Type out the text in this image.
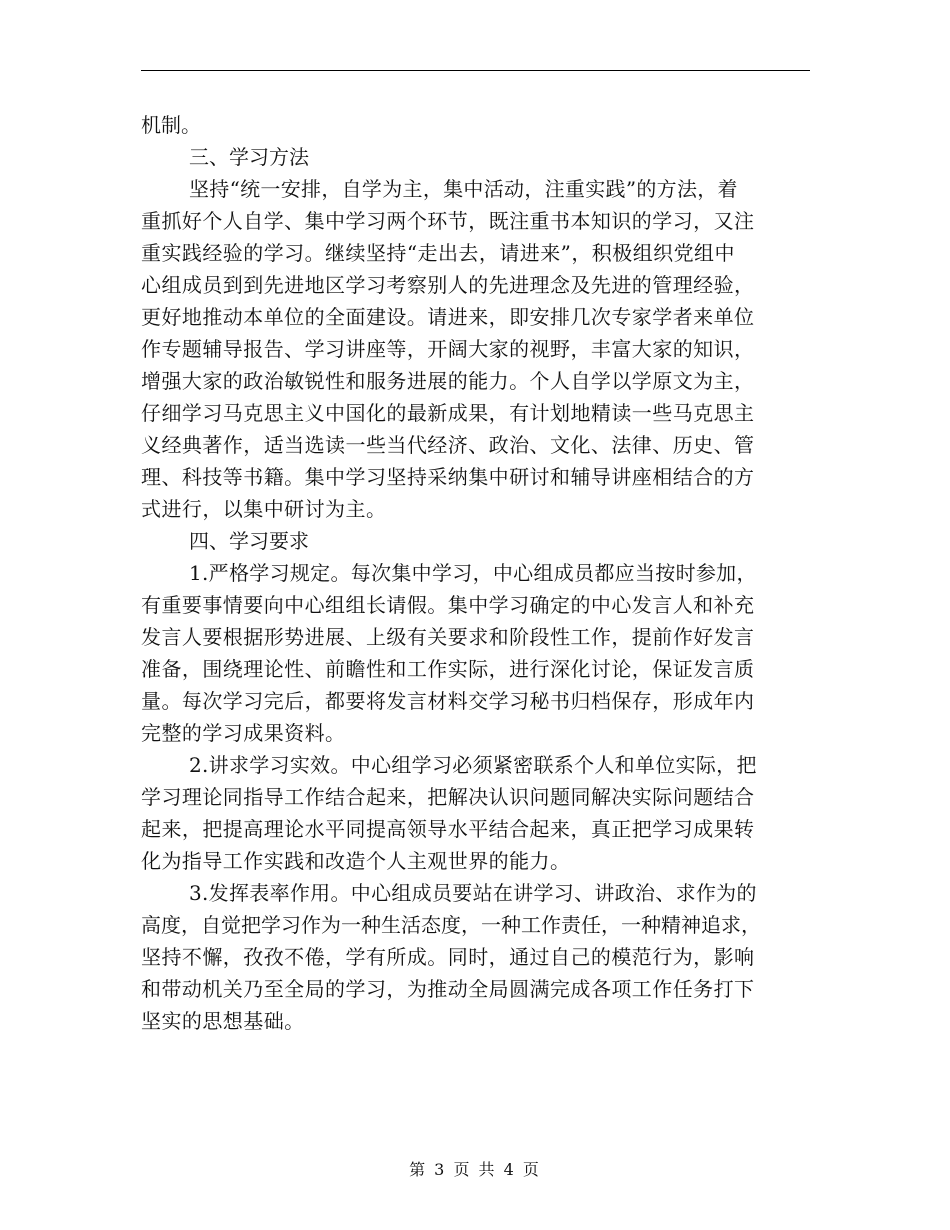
机制。
三、学习方法
坚持“统一安排，自学为主，集中活动，注重实践”的方法，着
重抓好个人自学、集中学习两个环节，既注重书本知识的学习，又注
重实践经验的学习。继续坚持“走出去，请进来”，积极组织党组中
心组成员到到先进地区学习考察别人的先进理念及先进的管理经验，
更好地推动本单位的全面建设。请进来，即安排几次专家学者来单位
作专题辅导报告、学习讲座等，开阔大家的视野，丰富大家的知识，
增强大家的政治敏锐性和服务进展的能力。个人自学以学原文为主，
仔细学习马克思主义中国化的最新成果，有计划地精读一些马克思主
义经典著作，适当选读一些当代经济、政治、文化、法律、历史、管
理、科技等书籍。集中学习坚持采纳集中研讨和辅导讲座相结合的方
式进行，以集中研讨为主。
四、学习要求
1.严格学习规定。每次集中学习，中心组成员都应当按时参加，
有重要事情要向中心组组长请假。集中学习确定的中心发言人和补充
发言人要根据形势进展、上级有关要求和阶段性工作，提前作好发言
准备，围绕理论性、前瞻性和工作实际，进行深化讨论，保证发言质
量。每次学习完后，都要将发言材料交学习秘书归档保存，形成年内
完整的学习成果资料。
2.讲求学习实效。中心组学习必须紧密联系个人和单位实际，把
学习理论同指导工作结合起来，把解决认识问题同解决实际问题结合
起来，把提高理论水平同提高领导水平结合起来，真正把学习成果转
化为指导工作实践和改造个人主观世界的能力。
3.发挥表率作用。中心组成员要站在讲学习、讲政治、求作为的
高度，自觉把学习作为一种生活态度，一种工作责任，一种精神追求，
坚持不懈，孜孜不倦，学有所成。同时，通过自己的模范行为，影响
和带动机关乃至全局的学习，为推动全局圆满完成各项工作任务打下
坚实的思想基础。
第 3 页 共 4 页
